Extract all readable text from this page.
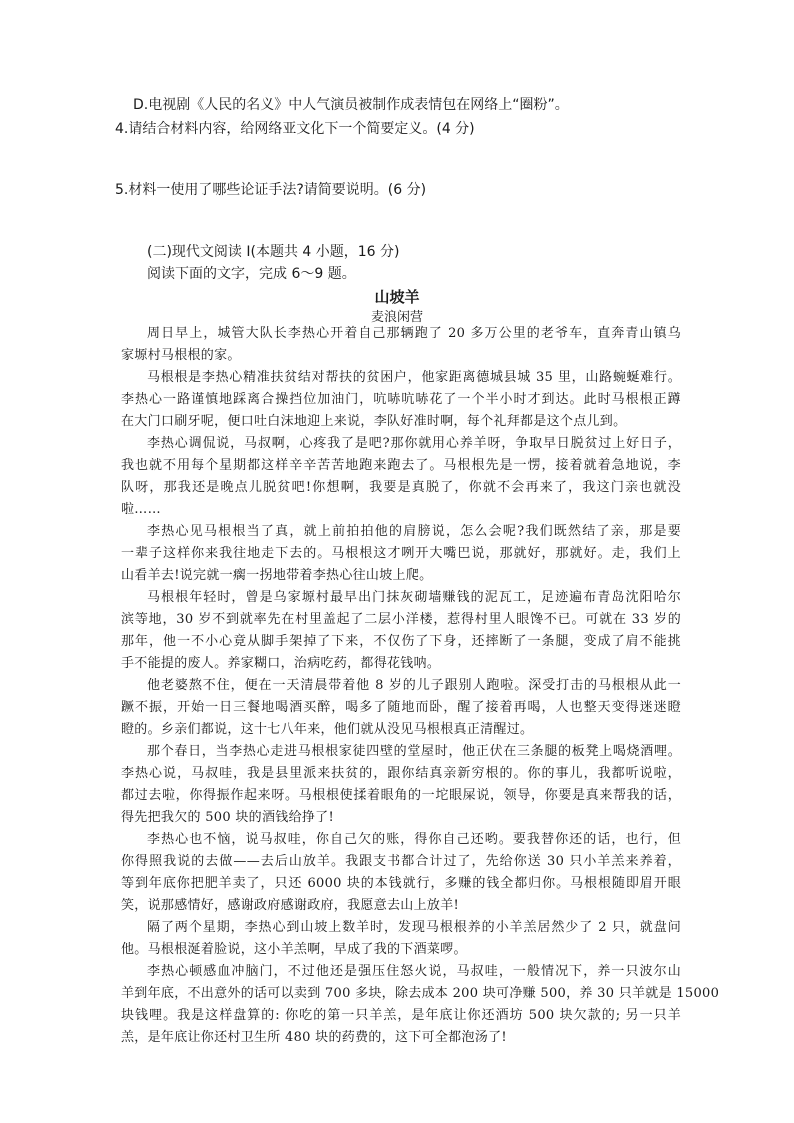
D.电视剧《人民的名义》中人气演员被制作成表情包在网络上“圈粉”。
4.请结合材料内容，给网络亚文化下一个简要定义。(4 分)
5.材料一使用了哪些论证手法?请简要说明。(6 分)
(二)现代文阅读 I(本题共 4 小题，16 分)
阅读下面的文字，完成 6～9 题。
山坡羊
麦浪闲营
周日早上，城管大队长李热心开着自己那辆跑了 20 多万公里的老爷车，直奔青山镇乌
家塬村马根根的家。
马根根是李热心精准扶贫结对帮扶的贫困户，他家距离德城县城 35 里，山路蜿蜒难行。
李热心一路谨慎地踩离合操挡位加油门，吭哧吭哧花了一个半小时才到达。此时马根根正蹲
在大门口刷牙呢，便口吐白沫地迎上来说，李队好准时啊，每个礼拜都是这个点儿到。
李热心调侃说，马叔啊，心疼我了是吧?那你就用心养羊呀，争取早日脱贫过上好日子，
我也就不用每个星期都这样辛辛苦苦地跑来跑去了。马根根先是一愣，接着就着急地说，李
队呀，那我还是晚点儿脱贫吧!你想啊，我要是真脱了，你就不会再来了，我这门亲也就没
啦……
李热心见马根根当了真，就上前拍拍他的肩膀说，怎么会呢?我们既然结了亲，那是要
一辈子这样你来我往地走下去的。马根根这才咧开大嘴巴说，那就好，那就好。走，我们上
山看羊去!说完就一瘸一拐地带着李热心往山坡上爬。
马根根年轻时，曾是乌家塬村最早出门抹灰砌墙赚钱的泥瓦工，足迹遍布青岛沈阳哈尔
滨等地，30 岁不到就率先在村里盖起了二层小洋楼，惹得村里人眼馋不已。可就在 33 岁的
那年，他一不小心竟从脚手架掉了下来，不仅伤了下身，还摔断了一条腿，变成了肩不能挑
手不能提的废人。养家糊口，治病吃药，都得花钱呐。
他老婆熬不住，便在一天清晨带着他 8 岁的儿子跟别人跑啦。深受打击的马根根从此一
蹶不振，开始一日三餐地喝酒买醉，喝多了随地而卧，醒了接着再喝，人也整天变得迷迷瞪
瞪的。乡亲们都说，这十七八年来，他们就从没见马根根真正清醒过。
那个春日，当李热心走进马根根家徒四壁的堂屋时，他正伏在三条腿的板凳上喝烧酒哩。
李热心说，马叔哇，我是县里派来扶贫的，跟你结真亲新穷根的。你的事儿，我都听说啦，
都过去啦，你得振作起来呀。马根根使揉着眼角的一坨眼屎说，领导，你要是真来帮我的话，
得先把我欠的 500 块的酒钱给挣了!
李热心也不恼，说马叔哇，你自己欠的账，得你自己还哟。要我替你还的话，也行，但
你得照我说的去做——去后山放羊。我跟支书都合计过了，先给你送 30 只小羊羔来养着，
等到年底你把肥羊卖了，只还 6000 块的本钱就行，多赚的钱全都归你。马根根随即眉开眼
笑，说那感情好，感谢政府感谢政府，我愿意去山上放羊!
隔了两个星期，李热心到山坡上数羊时，发现马根根养的小羊羔居然少了 2 只，就盘问
他。马根根涎着脸说，这小羊羔啊，早成了我的下酒菜啰。
李热心顿感血冲脑门，不过他还是强压住怒火说，马叔哇，一般情况下，养一只波尔山
羊到年底，不出意外的话可以卖到 700 多块，除去成本 200 块可净赚 500，养 30 只羊就是 15000
块钱哩。我是这样盘算的: 你吃的第一只羊羔，是年底让你还酒坊 500 块欠款的; 另一只羊
羔，是年底让你还村卫生所 480 块的药费的，这下可全都泡汤了!
